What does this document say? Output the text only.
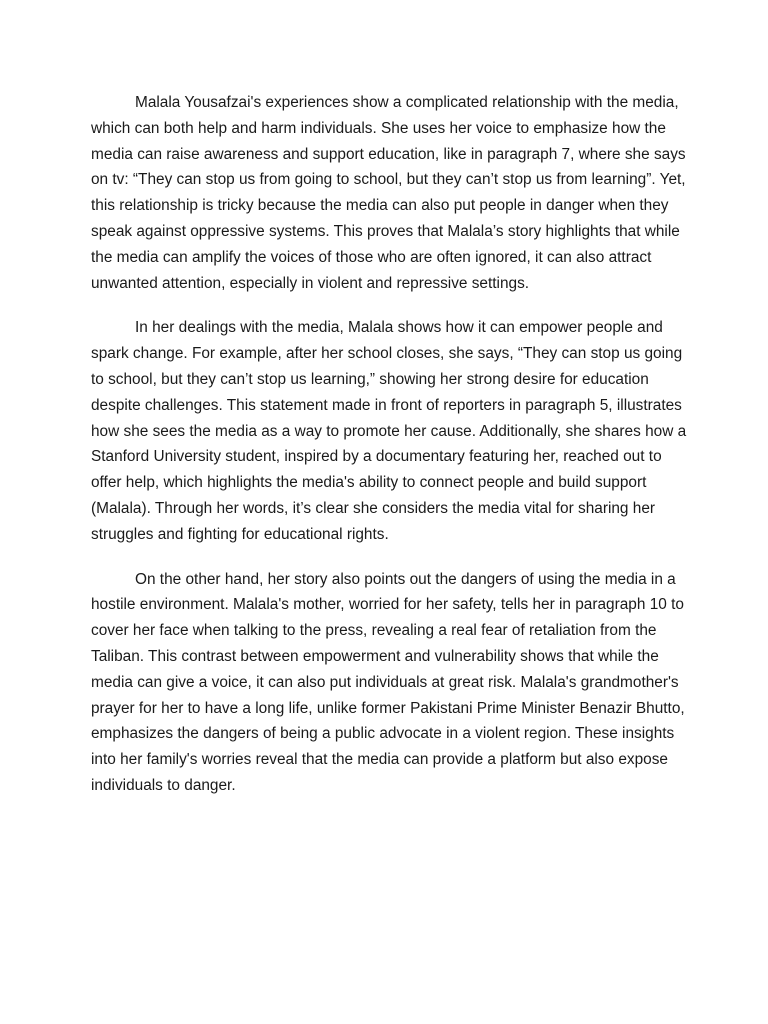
Malala Yousafzai's experiences show a complicated relationship with the media, which can both help and harm individuals. She uses her voice to emphasize how the media can raise awareness and support education, like in paragraph 7, where she says on tv: “They can stop us from going to school, but they can’t stop us from learning”. Yet, this relationship is tricky because the media can also put people in danger when they speak against oppressive systems. This proves that Malala’s story highlights that while the media can amplify the voices of those who are often ignored, it can also attract unwanted attention, especially in violent and repressive settings.

In her dealings with the media, Malala shows how it can empower people and spark change. For example, after her school closes, she says, “They can stop us going to school, but they can’t stop us learning,” showing her strong desire for education despite challenges. This statement made in front of reporters in paragraph 5, illustrates how she sees the media as a way to promote her cause. Additionally, she shares how a Stanford University student, inspired by a documentary featuring her, reached out to offer help, which highlights the media's ability to connect people and build support (Malala). Through her words, it’s clear she considers the media vital for sharing her struggles and fighting for educational rights.

On the other hand, her story also points out the dangers of using the media in a hostile environment. Malala's mother, worried for her safety, tells her in paragraph 10 to cover her face when talking to the press, revealing a real fear of retaliation from the Taliban. This contrast between empowerment and vulnerability shows that while the media can give a voice, it can also put individuals at great risk. Malala's grandmother's prayer for her to have a long life, unlike former Pakistani Prime Minister Benazir Bhutto, emphasizes the dangers of being a public advocate in a violent region. These insights into her family's worries reveal that the media can provide a platform but also expose individuals to danger.
